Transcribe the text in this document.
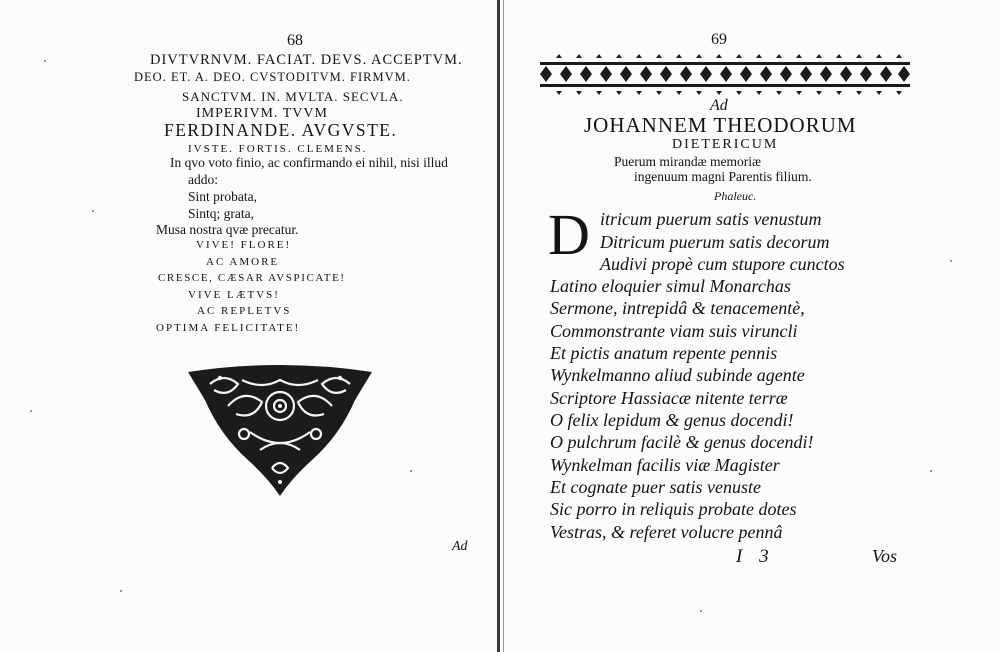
68
DIVTVRNVM. FACIAT. DEVS. ACCEPTVM.
DEO. ET. A. DEO. CVSTODITVM. FIRMVM.
SANCTVM. IN. MVLTA. SECVLA.
IMPERIVM. TVVM
FERDINANDE. AVGVSTE.
IVSTE. FORTIS. CLEMENS.
In qvo voto finio, ac confirmando ei nihil, nisi illud
addo:
Sint probata,
Sintq; grata,
Musa nostra qvæ precatur.
VIVE! FLORE!
AC AMORE
CRESCE, CÆSAR AVSPICATE!
VIVE LÆTVS!
AC REPLETVS
OPTIMA FELICITATE!
Ad
69
Ad
JOHANNEM THEODORUM
DIETERICUM
Puerum mirandæ memoriæ
ingenuum magni Parentis filium.
Phaleuc.
D itricum puerum satis venustum
Ditricum puerum satis decorum
Audivi propè cum stupore cunctos
Latino eloquier simul Monarchas
Sermone, intrepidâ & tenacementè,
Commonstrante viam suis viruncli
Et pictis anatum repente pennis
Wynkelmanno aliud subinde agente
Scriptore Hassiacæ nitente terræ
O felix lepidum & genus docendi!
O pulchrum facilè & genus docendi!
Wynkelman facilis viæ Magister
Et cognate puer satis venuste
Sic porro in reliquis probate dotes
Vestras, & referet volucre pennâ
I 3	Vos
